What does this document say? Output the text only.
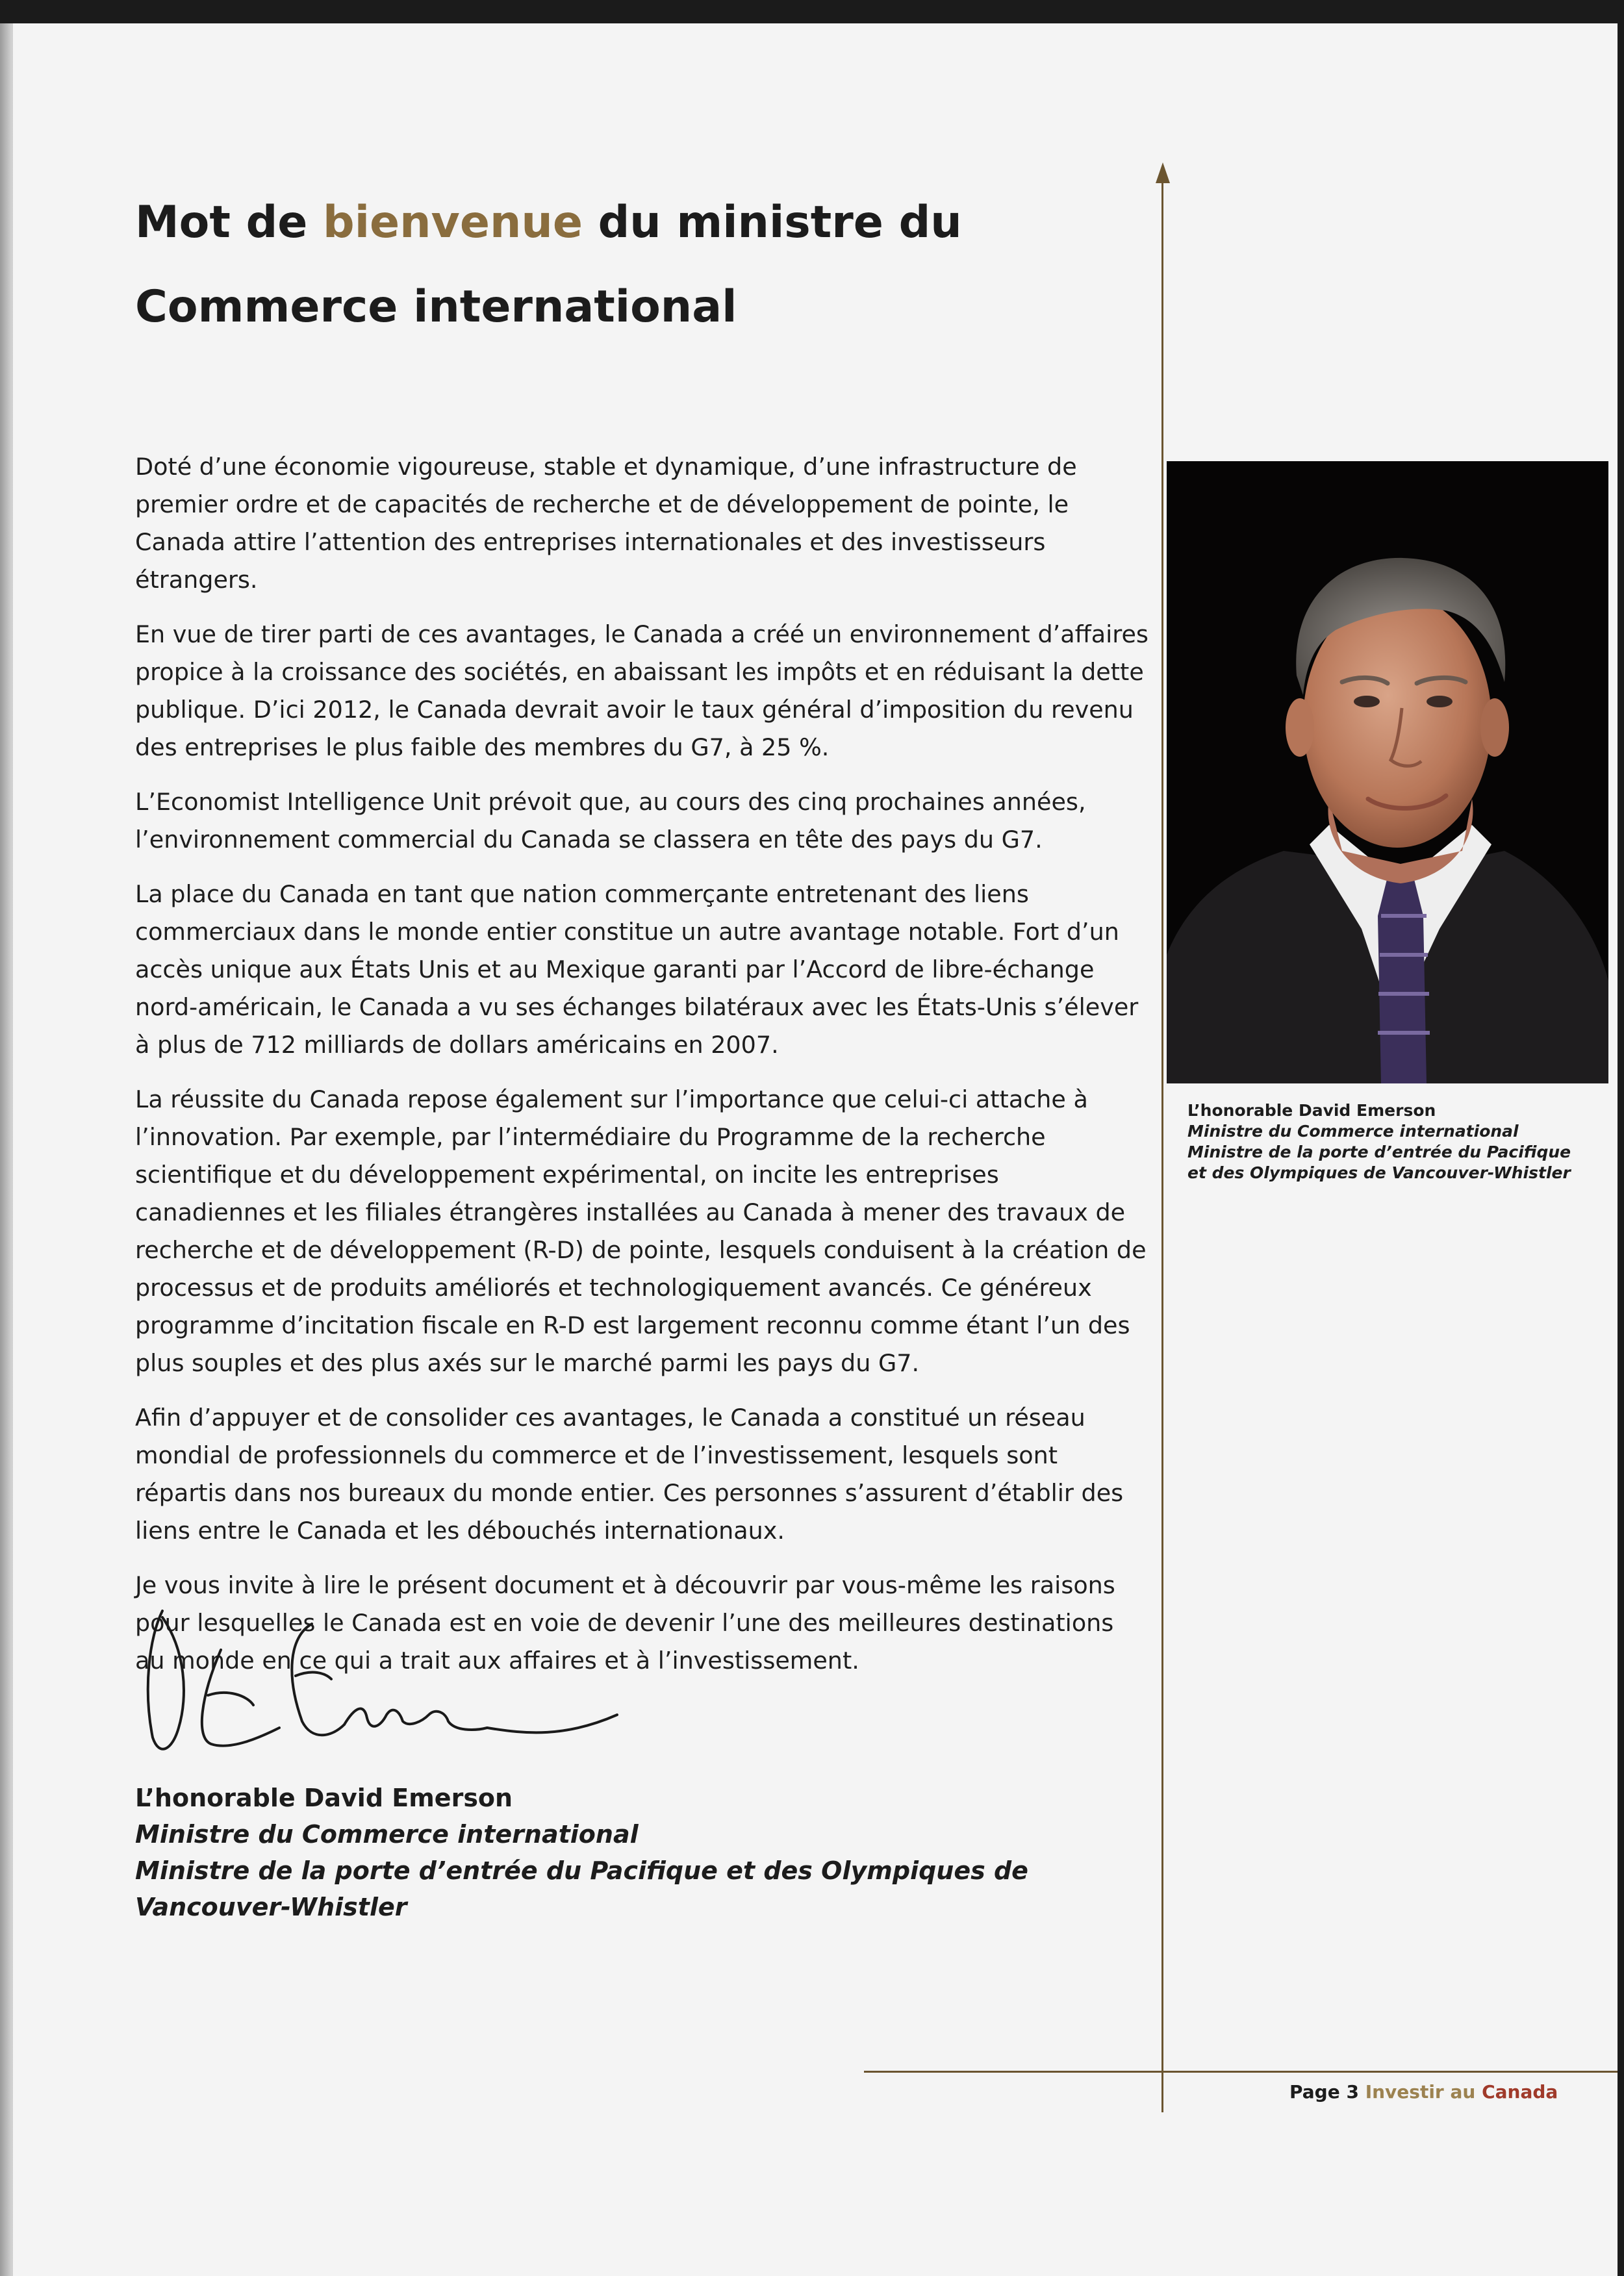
Mot de bienvenue du ministre du
Commerce international

Doté d’une économie vigoureuse, stable et dynamique, d’une infrastructure de premier ordre et de capacités de recherche et de développement de pointe, le Canada attire l’attention des entreprises internationales et des investisseurs étrangers.

En vue de tirer parti de ces avantages, le Canada a créé un environnement d’affaires propice à la croissance des sociétés, en abaissant les impôts et en réduisant la dette publique. D’ici 2012, le Canada devrait avoir le taux général d’imposition du revenu des entreprises le plus faible des membres du G7, à 25 %.

L’Economist Intelligence Unit prévoit que, au cours des cinq prochaines années, l’environnement commercial du Canada se classera en tête des pays du G7.

La place du Canada en tant que nation commerçante entretenant des liens commerciaux dans le monde entier constitue un autre avantage notable. Fort d’un accès unique aux États Unis et au Mexique garanti par l’Accord de libre-échange nord-américain, le Canada a vu ses échanges bilatéraux avec les États-Unis s’élever à plus de 712 milliards de dollars américains en 2007.

La réussite du Canada repose également sur l’importance que celui-ci attache à l’innovation. Par exemple, par l’intermédiaire du Programme de la recherche scientifique et du développement expérimental, on incite les entreprises canadiennes et les filiales étrangères installées au Canada à mener des travaux de recherche et de développement (R-D) de pointe, lesquels conduisent à la création de processus et de produits améliorés et technologiquement avancés. Ce généreux programme d’incitation fiscale en R-D est largement reconnu comme étant l’un des plus souples et des plus axés sur le marché parmi les pays du G7.

Afin d’appuyer et de consolider ces avantages, le Canada a constitué un réseau mondial de professionnels du commerce et de l’investissement, lesquels sont répartis dans nos bureaux du monde entier. Ces personnes s’assurent d’établir des liens entre le Canada et les débouchés internationaux.

Je vous invite à lire le présent document et à découvrir par vous-même les raisons pour lesquelles le Canada est en voie de devenir l’une des meilleures destinations au monde en ce qui a trait aux affaires et à l’investissement.

L’honorable David Emerson
Ministre du Commerce international
Ministre de la porte d’entrée du Pacifique et des Olympiques de Vancouver-Whistler
L’honorable David Emerson
Ministre du Commerce international
Ministre de la porte d’entrée du Pacifique et des Olympiques de Vancouver-Whistler
Page 3 Investir au Canada
